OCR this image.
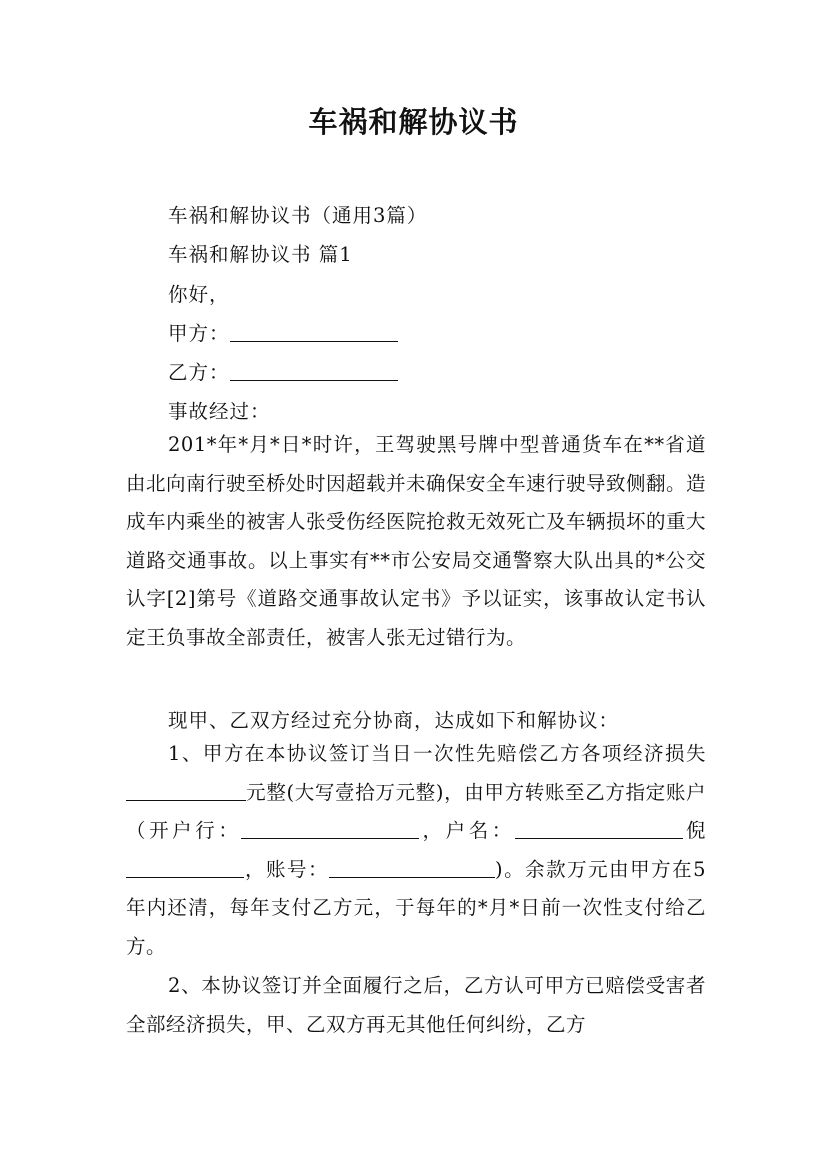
车祸和解协议书
车祸和解协议书（通用3篇）
车祸和解协议书 篇1
你好，
甲方：
乙方：
事故经过：
201*年*月*日*时许，王驾驶黑号牌中型普通货车在**省道由北向南行驶至桥处时因超载并未确保安全车速行驶导致侧翻。造成车内乘坐的被害人张受伤经医院抢救无效死亡及车辆损坏的重大道路交通事故。以上事实有**市公安局交通警察大队出具的*公交认字[2]第号《道路交通事故认定书》予以证实，该事故认定书认定王负事故全部责任，被害人张无过错行为。
现甲、乙双方经过充分协商，达成如下和解协议：
1、甲方在本协议签订当日一次性先赔偿乙方各项经济损失元整(大写壹拾万元整)，由甲方转账至乙方指定账户（开户行：	，户名：	倪，账号：	)。余款万元由甲方在5年内还清，每年支付乙方元，于每年的*月*日前一次性支付给乙方。
2、本协议签订并全面履行之后，乙方认可甲方已赔偿受害者全部经济损失，甲、乙双方再无其他任何纠纷，乙方
